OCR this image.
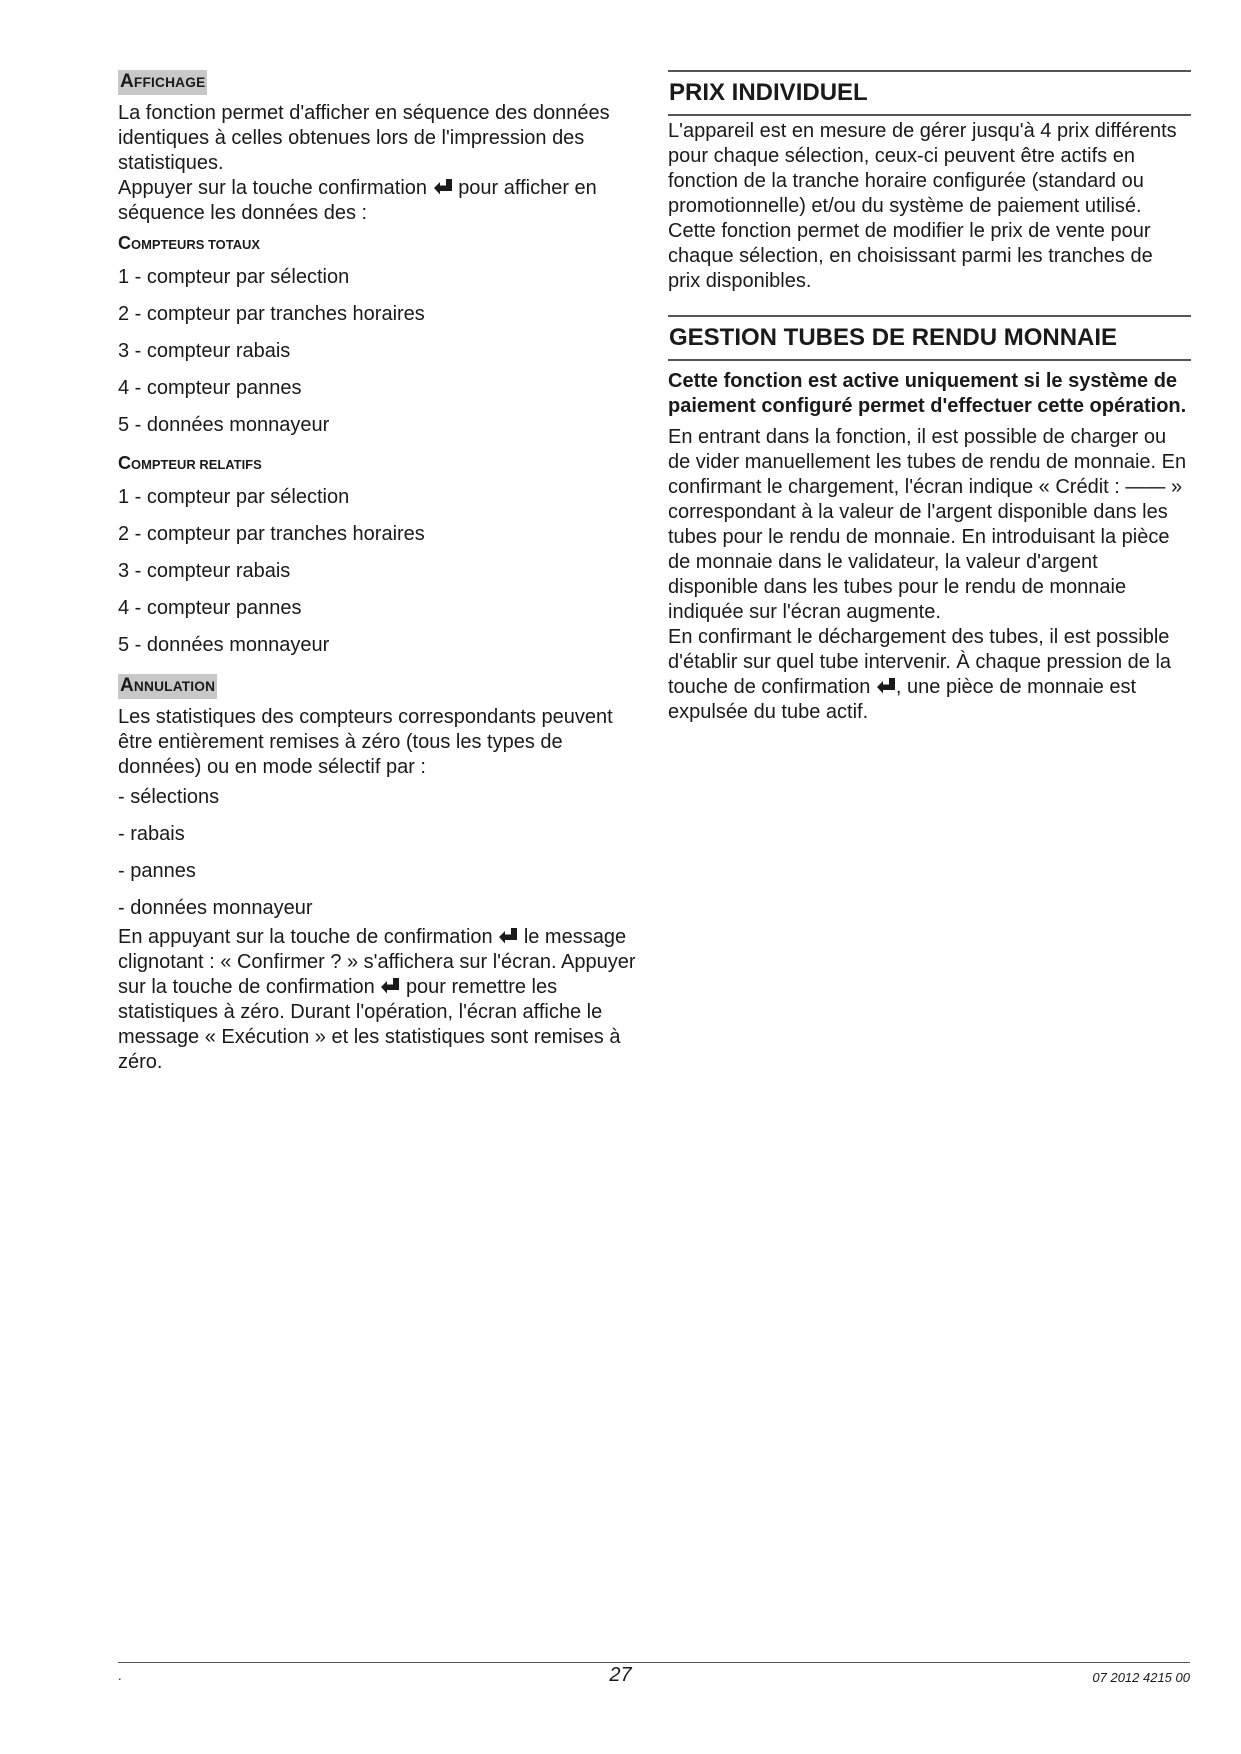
AFFICHAGE

La fonction permet d'afficher en séquence des données identiques à celles obtenues lors de l'impression des statistiques.

Appuyer sur la touche confirmation pour afficher en séquence les données des :

COMPTEURS TOTAUX
1 - compteur par sélection
2 - compteur par tranches horaires
3 - compteur rabais
4 - compteur pannes
5 - données monnayeur
COMPTEUR RELATIFS
1 - compteur par sélection
2 - compteur par tranches horaires
3 - compteur rabais
4 - compteur pannes
5 - données monnayeur
ANNULATION

Les statistiques des compteurs correspondants peuvent être entièrement remises à zéro (tous les types de données) ou en mode sélectif par :

- sélections
- rabais
- pannes
- données monnayeur

En appuyant sur la touche de confirmation le message clignotant : « Confirmer ? » s'affichera sur l'écran. Appuyer sur la touche de confirmation pour remettre les statistiques à zéro. Durant l'opération, l'écran affiche le message « Exécution » et les statistiques sont remises à zéro.

PRIX INDIVIDUEL

L'appareil est en mesure de gérer jusqu'à 4 prix différents pour chaque sélection, ceux-ci peuvent être actifs en fonction de la tranche horaire configurée (standard ou promotionnelle) et/ou du système de paiement utilisé. Cette fonction permet de modifier le prix de vente pour chaque sélection, en choisissant parmi les tranches de prix disponibles.

GESTION TUBES DE RENDU MONNAIE

Cette fonction est active uniquement si le système de paiement configuré permet d'effectuer cette opération.

En entrant dans la fonction, il est possible de charger ou de vider manuellement les tubes de rendu de monnaie. En confirmant le chargement, l'écran indique « Crédit : —— » correspondant à la valeur de l'argent disponible dans les tubes pour le rendu de monnaie. En introduisant la pièce de monnaie dans le validateur, la valeur d'argent disponible dans les tubes pour le rendu de monnaie indiquée sur l'écran augmente.

En confirmant le déchargement des tubes, il est possible d'établir sur quel tube intervenir. À chaque pression de la touche de confirmation , une pièce de monnaie est expulsée du tube actif.

.	27	07 2012 4215 00
